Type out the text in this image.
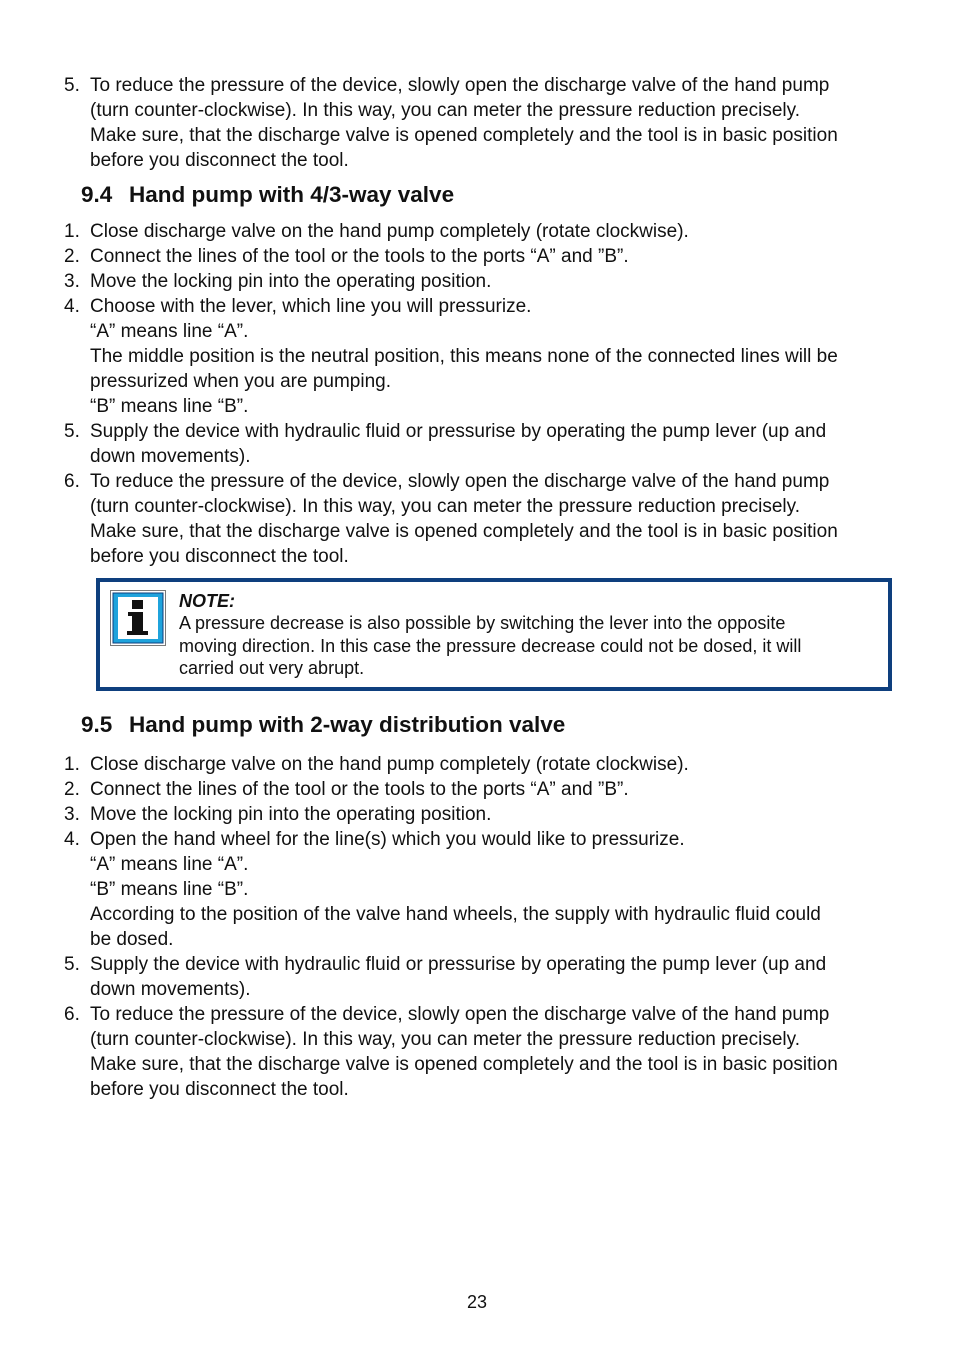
5. To reduce the pressure of the device, slowly open the discharge valve of the hand pump
(turn counter-clockwise). In this way, you can meter the pressure reduction precisely.
Make sure, that the discharge valve is opened completely and the tool is in basic position
before you disconnect the tool.
9.4 Hand pump with 4/3-way valve
1. Close discharge valve on the hand pump completely (rotate clockwise).
2. Connect the lines of the tool or the tools to the ports “A” and ”B”.
3. Move the locking pin into the operating position.
4. Choose with the lever, which line you will pressurize.
“A” means line “A”.
The middle position is the neutral position, this means none of the connected lines will be
pressurized when you are pumping.
“B” means line “B”.
5. Supply the device with hydraulic fluid or pressurise by operating the pump lever (up and
down movements).
6. To reduce the pressure of the device, slowly open the discharge valve of the hand pump
(turn counter-clockwise). In this way, you can meter the pressure reduction precisely.
Make sure, that the discharge valve is opened completely and the tool is in basic position
before you disconnect the tool.
NOTE:
A pressure decrease is also possible by switching the lever into the opposite
moving direction. In this case the pressure decrease could not be dosed, it will
carried out very abrupt.
9.5 Hand pump with 2-way distribution valve
1. Close discharge valve on the hand pump completely (rotate clockwise).
2. Connect the lines of the tool or the tools to the ports “A” and ”B”.
3. Move the locking pin into the operating position.
4. Open the hand wheel for the line(s) which you would like to pressurize.
“A” means line “A”.
“B” means line “B”.
According to the position of the valve hand wheels, the supply with hydraulic fluid could
be dosed.
5. Supply the device with hydraulic fluid or pressurise by operating the pump lever (up and
down movements).
6. To reduce the pressure of the device, slowly open the discharge valve of the hand pump
(turn counter-clockwise). In this way, you can meter the pressure reduction precisely.
Make sure, that the discharge valve is opened completely and the tool is in basic position
before you disconnect the tool.
23
